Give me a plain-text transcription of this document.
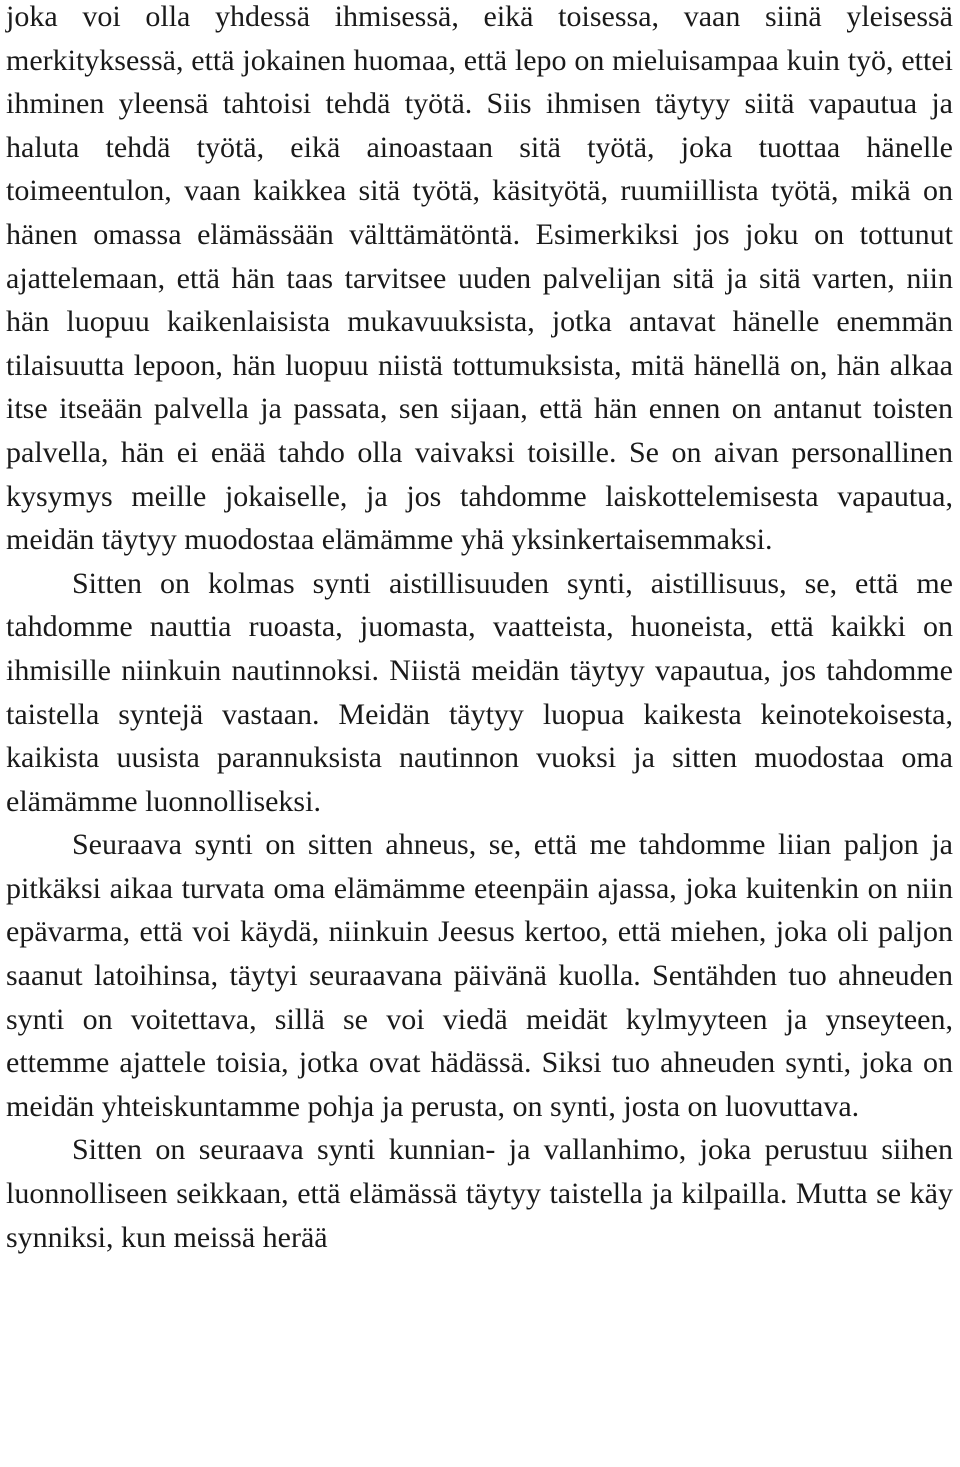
joka voi olla yhdessä ihmisessä, eikä toisessa, vaan siinä yleisessä merkityksessä, että jokainen huomaa, että lepo on mieluisampaa kuin työ, ettei ihminen yleensä tahtoisi tehdä työtä. Siis ihmisen täytyy siitä vapautua ja haluta tehdä työtä, eikä ainoastaan sitä työtä, joka tuottaa hänelle toimeentulon, vaan kaikkea sitä työtä, käsityötä, ruumiillista työtä, mikä on hänen omassa elämässään välttämätöntä. Esimerkiksi jos joku on tottunut ajattelemaan, että hän taas tarvitsee uuden palvelijan sitä ja sitä varten, niin hän luopuu kaikenlaisista mukavuuksista, jotka antavat hänelle enemmän tilaisuutta lepoon, hän luopuu niistä tottumuksista, mitä hänellä on, hän alkaa itse itseään palvella ja passata, sen sijaan, että hän ennen on antanut toisten palvella, hän ei enää tahdo olla vaivaksi toisille. Se on aivan personallinen kysymys meille jokaiselle, ja jos tahdomme laiskottelemisesta vapautua, meidän täytyy muodostaa elämämme yhä yksinkertaisemmaksi.

Sitten on kolmas synti aistillisuuden synti, aistillisuus, se, että me tahdomme nauttia ruoasta, juomasta, vaatteista, huoneista, että kaikki on ihmisille niinkuin nautinnoksi. Niistä meidän täytyy vapautua, jos tahdomme taistella syntejä vastaan. Meidän täytyy luopua kaikesta keinotekoisesta, kaikista uusista parannuksista nautinnon vuoksi ja sitten muodostaa oma elämämme luonnolliseksi.

Seuraava synti on sitten ahneus, se, että me tahdomme liian paljon ja pitkäksi aikaa turvata oma elämämme eteenpäin ajassa, joka kuitenkin on niin epävarma, että voi käydä, niinkuin Jeesus kertoo, että miehen, joka oli paljon saanut latoihinsa, täytyi seuraavana päivänä kuolla. Sentähden tuo ahneuden synti on voitettava, sillä se voi viedä meidät kylmyyteen ja ynseyteen, ettemme ajattele toisia, jotka ovat hädässä. Siksi tuo ahneuden synti, joka on meidän yhteiskuntamme pohja ja perusta, on synti, josta on luovuttava.

Sitten on seuraava synti kunnian- ja vallanhimo, joka perustuu siihen luonnolliseen seikkaan, että elämässä täytyy taistella ja kilpailla. Mutta se käy synniksi, kun meissä herää
